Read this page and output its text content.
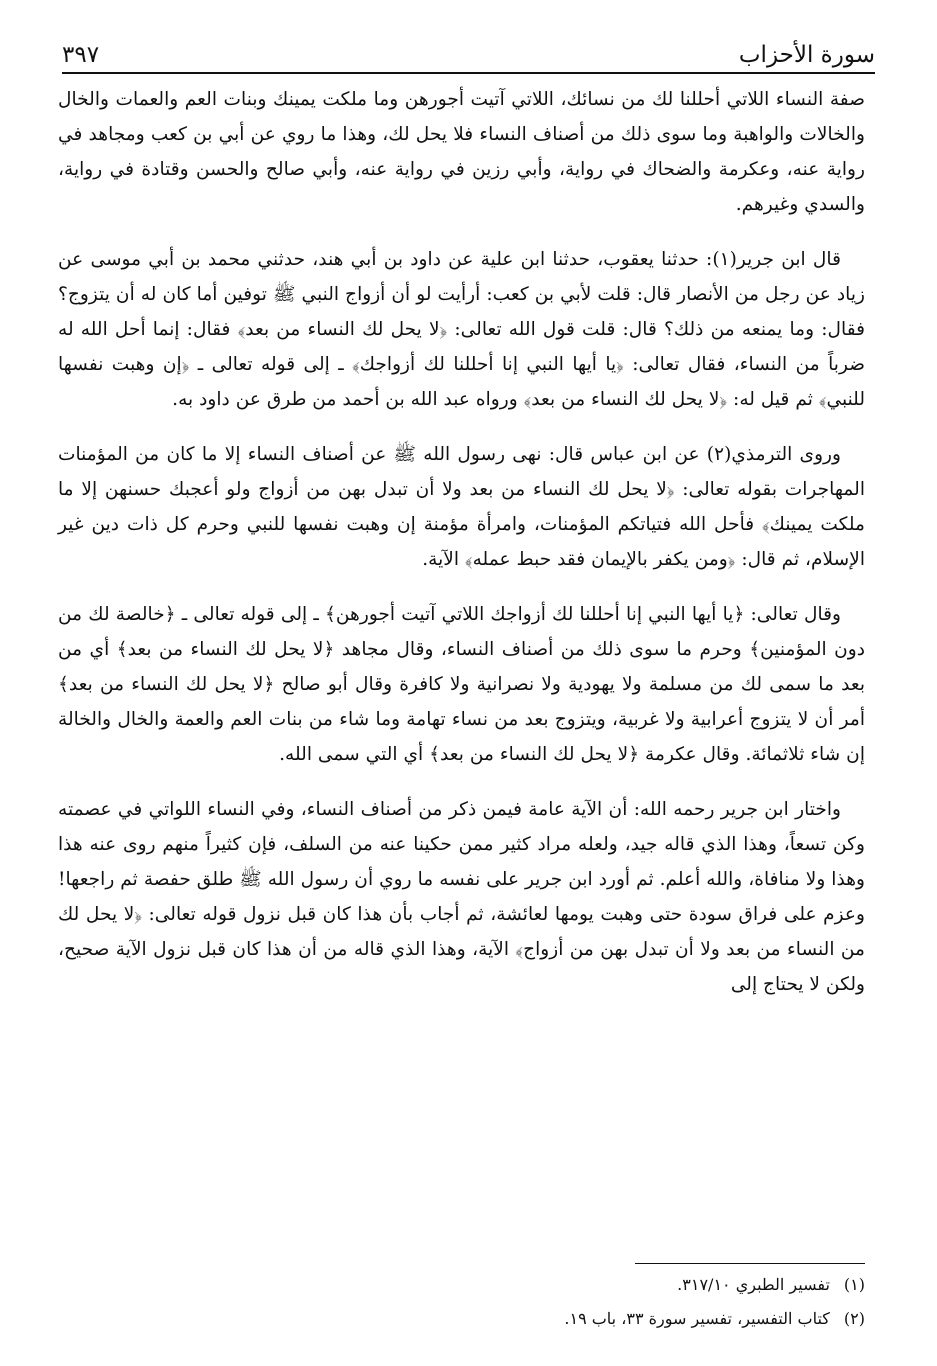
سورة الأحزاب
٣٩٧

صفة النساء اللاتي أحللنا لك من نسائك، اللاتي آتيت أجورهن وما ملكت يمينك وبنات العم والعمات والخال والخالات والواهبة وما سوى ذلك من أصناف النساء فلا يحل لك، وهذا ما روي عن أبي بن كعب ومجاهد في رواية عنه، وعكرمة والضحاك في رواية، وأبي رزين في رواية عنه، وأبي صالح والحسن وقتادة في رواية، والسدي وغيرهم.

قال ابن جرير(١): حدثنا يعقوب، حدثنا ابن علية عن داود بن أبي هند، حدثني محمد بن أبي موسى عن زياد عن رجل من الأنصار قال: قلت لأبي بن كعب: أرأيت لو أن أزواج النبي ﷺ توفين أما كان له أن يتزوج؟ فقال: وما يمنعه من ذلك؟ قال: قلت قول الله تعالى: ﴿لا يحل لك النساء من بعد﴾ فقال: إنما أحل الله له ضرباً من النساء، فقال تعالى: ﴿يا أيها النبي إنا أحللنا لك أزواجك﴾ ـ إلى قوله تعالى ـ ﴿إن وهبت نفسها للنبي﴾ ثم قيل له: ﴿لا يحل لك النساء من بعد﴾ ورواه عبد الله بن أحمد من طرق عن داود به.

وروى الترمذي(٢) عن ابن عباس قال: نهى رسول الله ﷺ عن أصناف النساء إلا ما كان من المؤمنات المهاجرات بقوله تعالى: ﴿لا يحل لك النساء من بعد ولا أن تبدل بهن من أزواج ولو أعجبك حسنهن إلا ما ملكت يمينك﴾ فأحل الله فتياتكم المؤمنات، وامرأة مؤمنة إن وهبت نفسها للنبي وحرم كل ذات دين غير الإسلام، ثم قال: ﴿ومن يكفر بالإيمان فقد حبط عمله﴾ الآية.

وقال تعالى: ﴿يا أيها النبي إنا أحللنا لك أزواجك اللاتي آتيت أجورهن﴾ ـ إلى قوله تعالى ـ ﴿خالصة لك من دون المؤمنين﴾ وحرم ما سوى ذلك من أصناف النساء، وقال مجاهد ﴿لا يحل لك النساء من بعد﴾ أي من بعد ما سمى لك من مسلمة ولا يهودية ولا نصرانية ولا كافرة وقال أبو صالح ﴿لا يحل لك النساء من بعد﴾ أمر أن لا يتزوج أعرابية ولا غربية، ويتزوج بعد من نساء تهامة وما شاء من بنات العم والعمة والخال والخالة إن شاء ثلاثمائة. وقال عكرمة ﴿لا يحل لك النساء من بعد﴾ أي التي سمى الله.

واختار ابن جرير رحمه الله: أن الآية عامة فيمن ذكر من أصناف النساء، وفي النساء اللواتي في عصمته وكن تسعاً، وهذا الذي قاله جيد، ولعله مراد كثير ممن حكينا عنه من السلف، فإن كثيراً منهم روى عنه هذا وهذا ولا منافاة، والله أعلم. ثم أورد ابن جرير على نفسه ما روي أن رسول الله ﷺ طلق حفصة ثم راجعها! وعزم على فراق سودة حتى وهبت يومها لعائشة، ثم أجاب بأن هذا كان قبل نزول قوله تعالى: ﴿لا يحل لك من النساء من بعد ولا أن تبدل بهن من أزواج﴾ الآية، وهذا الذي قاله من أن هذا كان قبل نزول الآية صحيح، ولكن لا يحتاج إلى

(١)
تفسير الطبري ٣١٧/١٠.
(٢)
كتاب التفسير، تفسير سورة ٣٣، باب ١٩.
